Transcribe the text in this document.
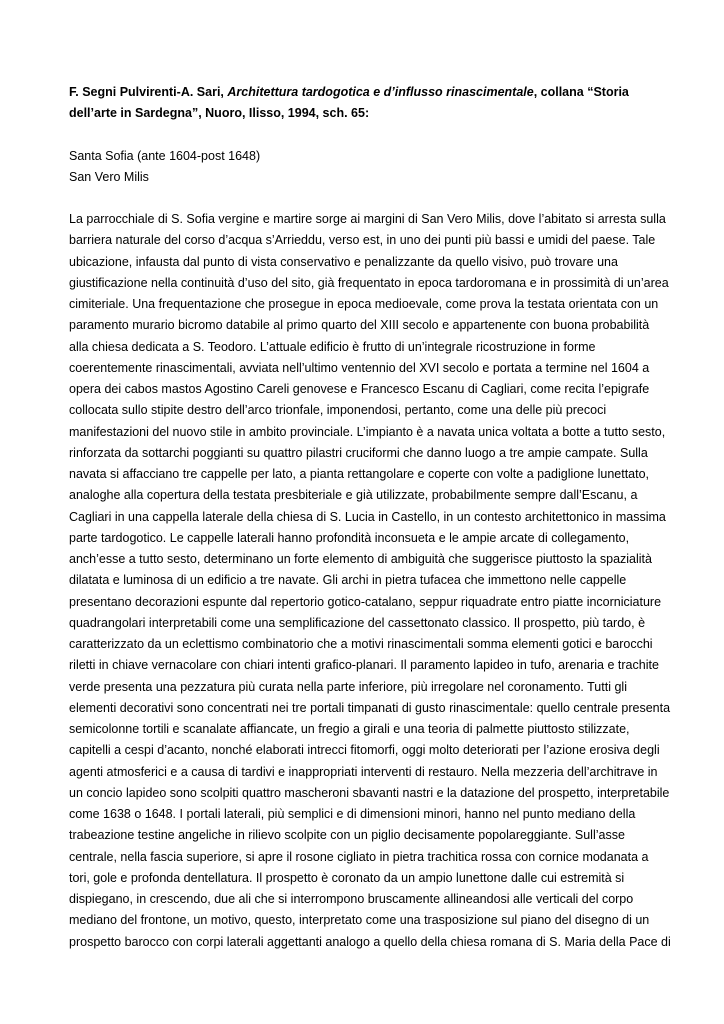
F. Segni Pulvirenti-A. Sari, Architettura tardogotica e d’influsso rinascimentale, collana “Storia
dell’arte in Sardegna”, Nuoro, Ilisso, 1994, sch. 65:

Santa Sofia (ante 1604-post 1648)
San Vero Milis
La parrocchiale di S. Sofia vergine e martire sorge ai margini di San Vero Milis, dove l’abitato si arresta sulla
barriera naturale del corso d’acqua s’Arrieddu, verso est, in uno dei punti più bassi e umidi del paese. Tale
ubicazione, infausta dal punto di vista conservativo e penalizzante da quello visivo, può trovare una
giustificazione nella continuità d’uso del sito, già frequentato in epoca tardoromana e in prossimità di un’area
cimiteriale. Una frequentazione che prosegue in epoca medioevale, come prova la testata orientata con un
paramento murario bicromo databile al primo quarto del XIII secolo e appartenente con buona probabilità
alla chiesa dedicata a S. Teodoro. L’attuale edificio è frutto di un’integrale ricostruzione in forme
coerentemente rinascimentali, avviata nell’ultimo ventennio del XVI secolo e portata a termine nel 1604 a
opera dei cabos mastos Agostino Careli genovese e Francesco Escanu di Cagliari, come recita l’epigrafe
collocata sullo stipite destro dell’arco trionfale, imponendosi, pertanto, come una delle più precoci
manifestazioni del nuovo stile in ambito provinciale. L’impianto è a navata unica voltata a botte a tutto sesto,
rinforzata da sottarchi poggianti su quattro pilastri cruciformi che danno luogo a tre ampie campate. Sulla
navata si affacciano tre cappelle per lato, a pianta rettangolare e coperte con volte a padiglione lunettato,
analoghe alla copertura della testata presbiteriale e già utilizzate, probabilmente sempre dall’Escanu, a
Cagliari in una cappella laterale della chiesa di S. Lucia in Castello, in un contesto architettonico in massima
parte tardogotico. Le cappelle laterali hanno profondità inconsueta e le ampie arcate di collegamento,
anch’esse a tutto sesto, determinano un forte elemento di ambiguità che suggerisce piuttosto la spazialità
dilatata e luminosa di un edificio a tre navate. Gli archi in pietra tufacea che immettono nelle cappelle
presentano decorazioni espunte dal repertorio gotico-catalano, seppur riquadrate entro piatte incorniciature
quadrangolari interpretabili come una semplificazione del cassettonato classico. Il prospetto, più tardo, è
caratterizzato da un eclettismo combinatorio che a motivi rinascimentali somma elementi gotici e barocchi
riletti in chiave vernacolare con chiari intenti grafico-planari. Il paramento lapideo in tufo, arenaria e trachite
verde presenta una pezzatura più curata nella parte inferiore, più irregolare nel coronamento. Tutti gli
elementi decorativi sono concentrati nei tre portali timpanati di gusto rinascimentale: quello centrale presenta
semicolonne tortili e scanalate affiancate, un fregio a girali e una teoria di palmette piuttosto stilizzate,
capitelli a cespi d’acanto, nonché elaborati intrecci fitomorfi, oggi molto deteriorati per l’azione erosiva degli
agenti atmosferici e a causa di tardivi e inappropriati interventi di restauro. Nella mezzeria dell’architrave in
un concio lapideo sono scolpiti quattro mascheroni sbavanti nastri e la datazione del prospetto, interpretabile
come 1638 o 1648. I portali laterali, più semplici e di dimensioni minori, hanno nel punto mediano della
trabeazione testine angeliche in rilievo scolpite con un piglio decisamente popolareggiante. Sull’asse
centrale, nella fascia superiore, si apre il rosone cigliato in pietra trachitica rossa con cornice modanata a
tori, gole e profonda dentellatura. Il prospetto è coronato da un ampio lunettone dalle cui estremità si
dispiegano, in crescendo, due ali che si interrompono bruscamente allineandosi alle verticali del corpo
mediano del frontone, un motivo, questo, interpretato come una trasposizione sul piano del disegno di un
prospetto barocco con corpi laterali aggettanti analogo a quello della chiesa romana di S. Maria della Pace di
